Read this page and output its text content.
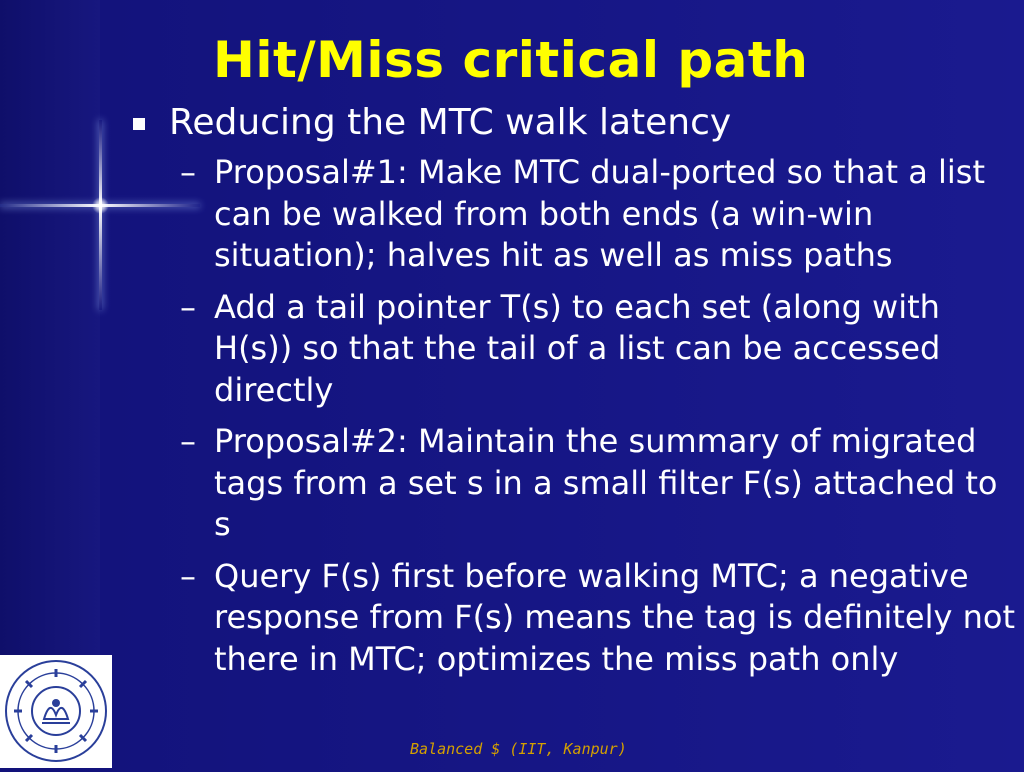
Hit/Miss critical path
Reducing the MTC walk latency
– Proposal#1: Make MTC dual-ported so that a list can be walked from both ends (a win-win situation); halves hit as well as miss paths
– Add a tail pointer T(s) to each set (along with H(s)) so that the tail of a list can be accessed directly
– Proposal#2: Maintain the summary of migrated tags from a set s in a small filter F(s) attached to s
– Query F(s) first before walking MTC; a negative response from F(s) means the tag is definitely not there in MTC; optimizes the miss path only
Balanced $ (IIT, Kanpur)
